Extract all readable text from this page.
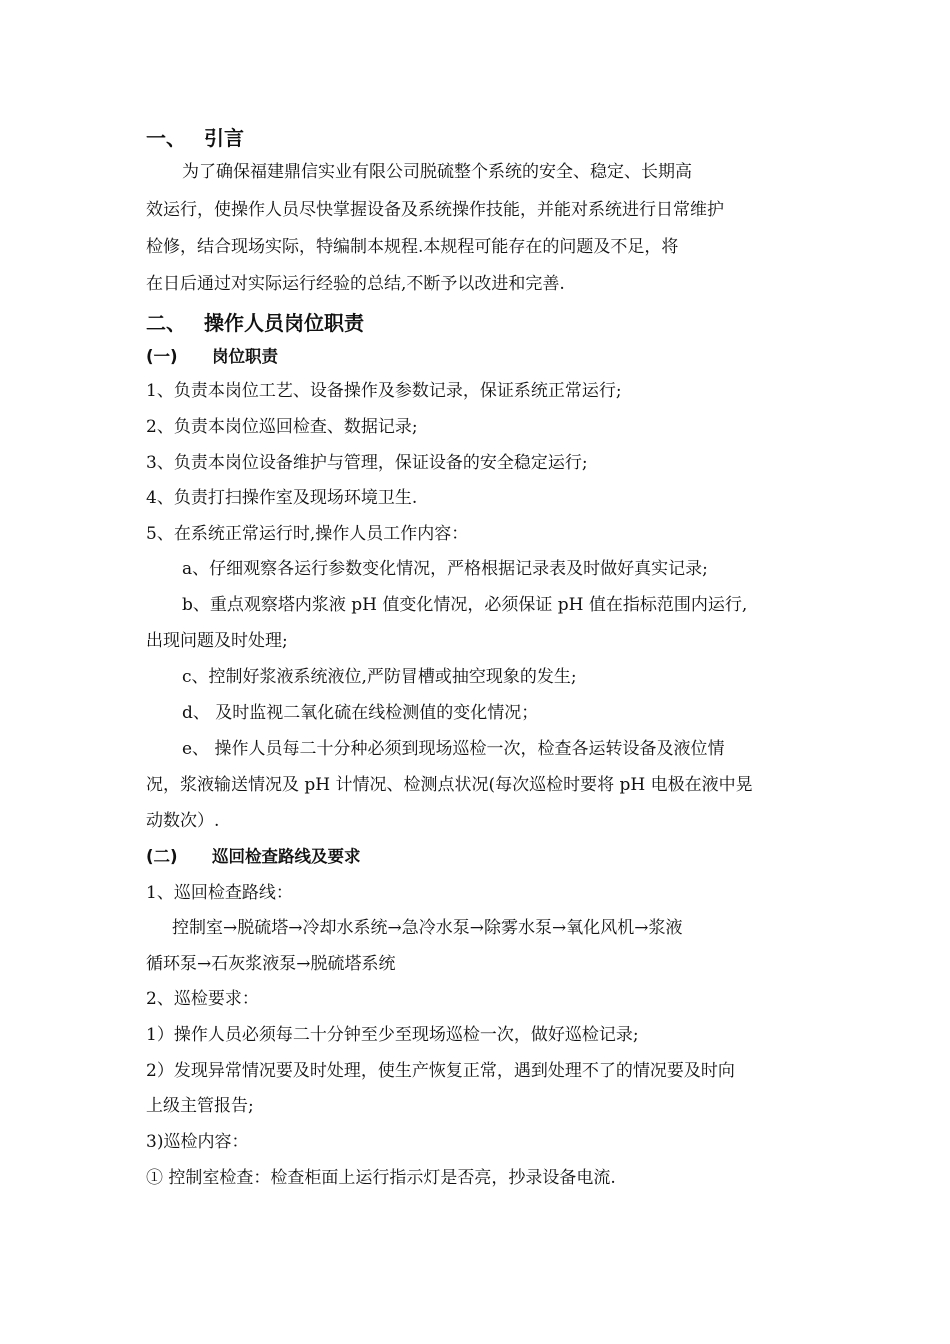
一、 引言
为了确保福建鼎信实业有限公司脱硫整个系统的安全、稳定、长期高
效运行，使操作人员尽快掌握设备及系统操作技能，并能对系统进行日常维护
检修，结合现场实际，特编制本规程.本规程可能存在的问题及不足，将
在日后通过对实际运行经验的总结,不断予以改进和完善.
二、 操作人员岗位职责
(一) 岗位职责
1、负责本岗位工艺、设备操作及参数记录，保证系统正常运行;
2、负责本岗位巡回检查、数据记录;
3、负责本岗位设备维护与管理，保证设备的安全稳定运行;
4、负责打扫操作室及现场环境卫生.
5、在系统正常运行时,操作人员工作内容：
a、仔细观察各运行参数变化情况，严格根据记录表及时做好真实记录;
b、重点观察塔内浆液 pH 值变化情况，必须保证 pH 值在指标范围内运行,
出现问题及时处理;
c、控制好浆液系统液位,严防冒槽或抽空现象的发生;
d、 及时监视二氧化硫在线检测值的变化情况；
e、 操作人员每二十分种必须到现场巡检一次，检查各运转设备及液位情
况，浆液输送情况及 pH 计情况、检测点状况(每次巡检时要将 pH 电极在液中晃
动数次）.
(二) 巡回检查路线及要求
1、巡回检查路线：
控制室→脱硫塔→冷却水系统→急冷水泵→除雾水泵→氧化风机→浆液
循环泵→石灰浆液泵→脱硫塔系统
2、巡检要求：
1）操作人员必须每二十分钟至少至现场巡检一次，做好巡检记录;
2）发现异常情况要及时处理，使生产恢复正常，遇到处理不了的情况要及时向
上级主管报告;
3)巡检内容：
① 控制室检查：检查柜面上运行指示灯是否亮，抄录设备电流.
